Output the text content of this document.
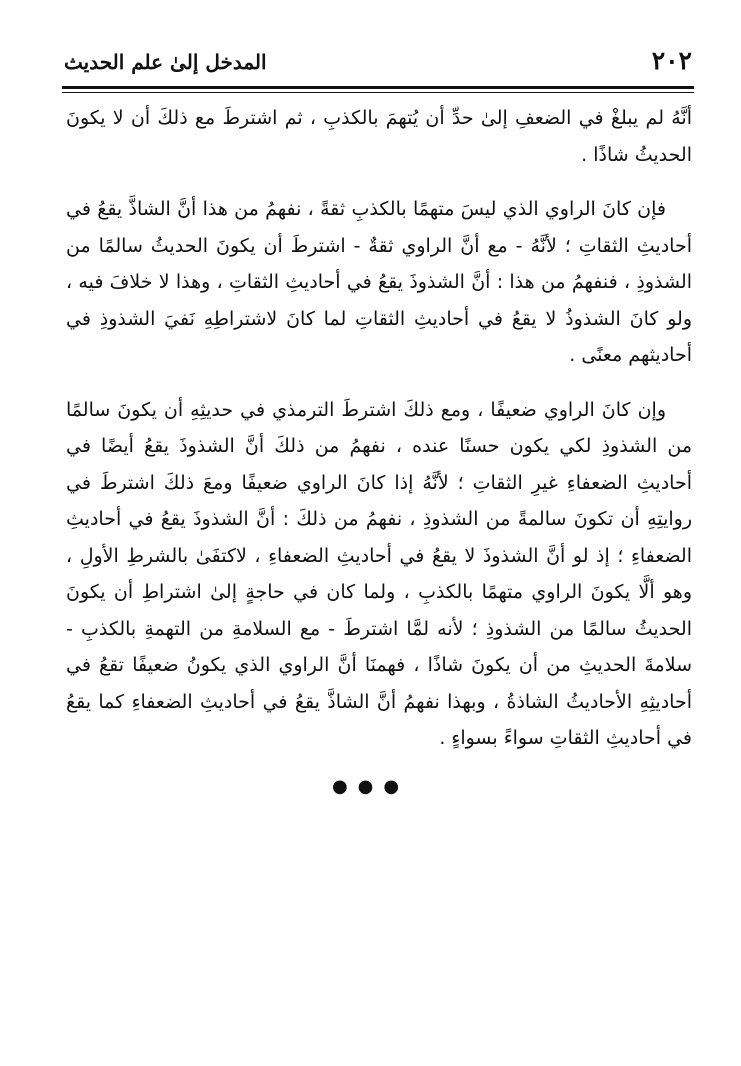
٢٠٢
المدخل إلىٰ علم الحديث

أنَّهُ لم يبلغْ في الضعفِ إلىٰ حدِّ أن يُتهمَ بالكذبِ ، ثم اشترطَ مع ذلكَ أن لا يكونَ الحديثُ شاذًا .

فإن كانَ الراوي الذي ليسَ متهمًا بالكذبِ ثقةً ، نفهمُ من هذا أنَّ الشاذَّ يقعُ في أحاديثِ الثقاتِ ؛ لأنَّهُ - مع أنَّ الراوي ثقةٌ - اشترطَ أن يكونَ الحديثُ سالمًا من الشذوذِ ، فنفهمُ من هذا : أنَّ الشذوذَ يقعُ في أحاديثِ الثقاتِ ، وهذا لا خلافَ فيه ، ولو كانَ الشذوذُ لا يقعُ في أحاديثِ الثقاتِ لما كانَ لاشتراطِهِ نَفيَ الشذوذِ في أحاديثهم معنًى .

وإن كانَ الراوي ضعيفًا ، ومع ذلكَ اشترطَ الترمذي في حديثِهِ أن يكونَ سالمًا من الشذوذِ لكي يكون حسنًا عنده ، نفهمُ من ذلكَ أنَّ الشذوذَ يقعُ أيضًا في أحاديثِ الضعفاءِ غيرِ الثقاتِ ؛ لأنَّهُ إذا كانَ الراوي ضعيفًا ومعَ ذلكَ اشترطَ في روايتِهِ أن تكونَ سالمةً من الشذوذِ ، نفهمُ من ذلكَ : أنَّ الشذوذَ يقعُ في أحاديثِ الضعفاءِ ؛ إذ لو أنَّ الشذوذَ لا يقعُ في أحاديثِ الضعفاءِ ، لاكتفَىٰ بالشرطِ الأولِ ، وهو ألَّا يكونَ الراوي متهمًا بالكذبِ ، ولما كان في حاجةٍ إلىٰ اشتراطِ أن يكونَ الحديثُ سالمًا من الشذوذِ ؛ لأنه لمَّا اشترطَ - مع السلامةِ من التهمةِ بالكذبِ - سلامةَ الحديثِ من أن يكونَ شاذًا ، فهمنَا أنَّ الراوي الذي يكونُ ضعيفًا تقعُ في أحاديثِهِ الأحاديثُ الشاذةُ ، وبهذا نفهمُ أنَّ الشاذَّ يقعُ في أحاديثِ الضعفاءِ كما يقعُ في أحاديثِ الثقاتِ سواءً بسواءٍ .

●●●
